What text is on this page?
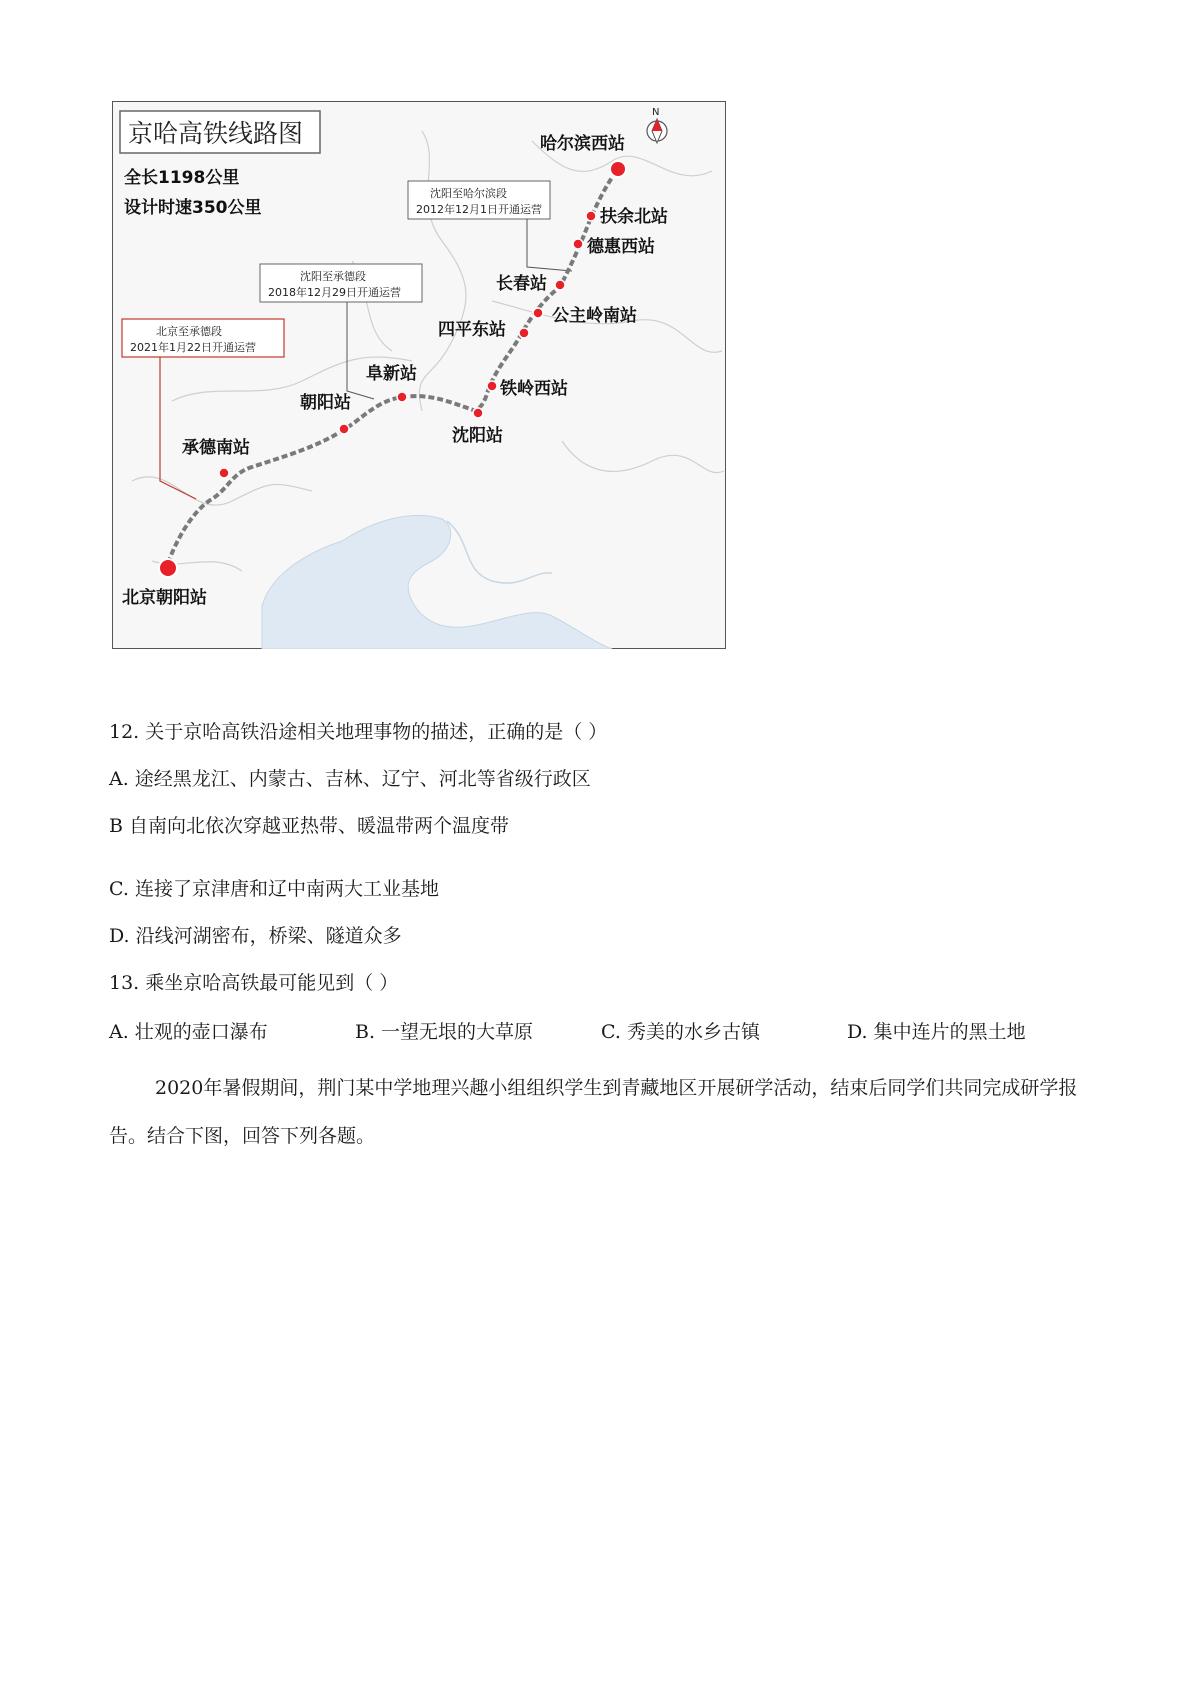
京哈高铁线路图
全长1198公里
设计时速350公里
N
沈阳至哈尔滨段
2012年12月1日开通运营
沈阳至承德段
2018年12月29日开通运营
北京至承德段
2021年1月22日开通运营
哈尔滨西站
扶余北站
德惠西站
长春站
公主岭南站
四平东站
铁岭西站
沈阳站
阜新站
朝阳站
承德南站
北京朝阳站
12. 关于京哈高铁沿途相关地理事物的描述，正确的是（ ）
A. 途经黑龙江、内蒙古、吉林、辽宁、河北等省级行政区
B 自南向北依次穿越亚热带、暖温带两个温度带
C. 连接了京津唐和辽中南两大工业基地
D. 沿线河湖密布，桥梁、隧道众多
13. 乘坐京哈高铁最可能见到（ ）
A. 壮观的壶口瀑布	B. 一望无垠的大草原	C. 秀美的水乡古镇	D. 集中连片的黑土地
2020年暑假期间，荆门某中学地理兴趣小组组织学生到青藏地区开展研学活动，结束后同学们共同完成研学报告。结合下图，回答下列各题。
